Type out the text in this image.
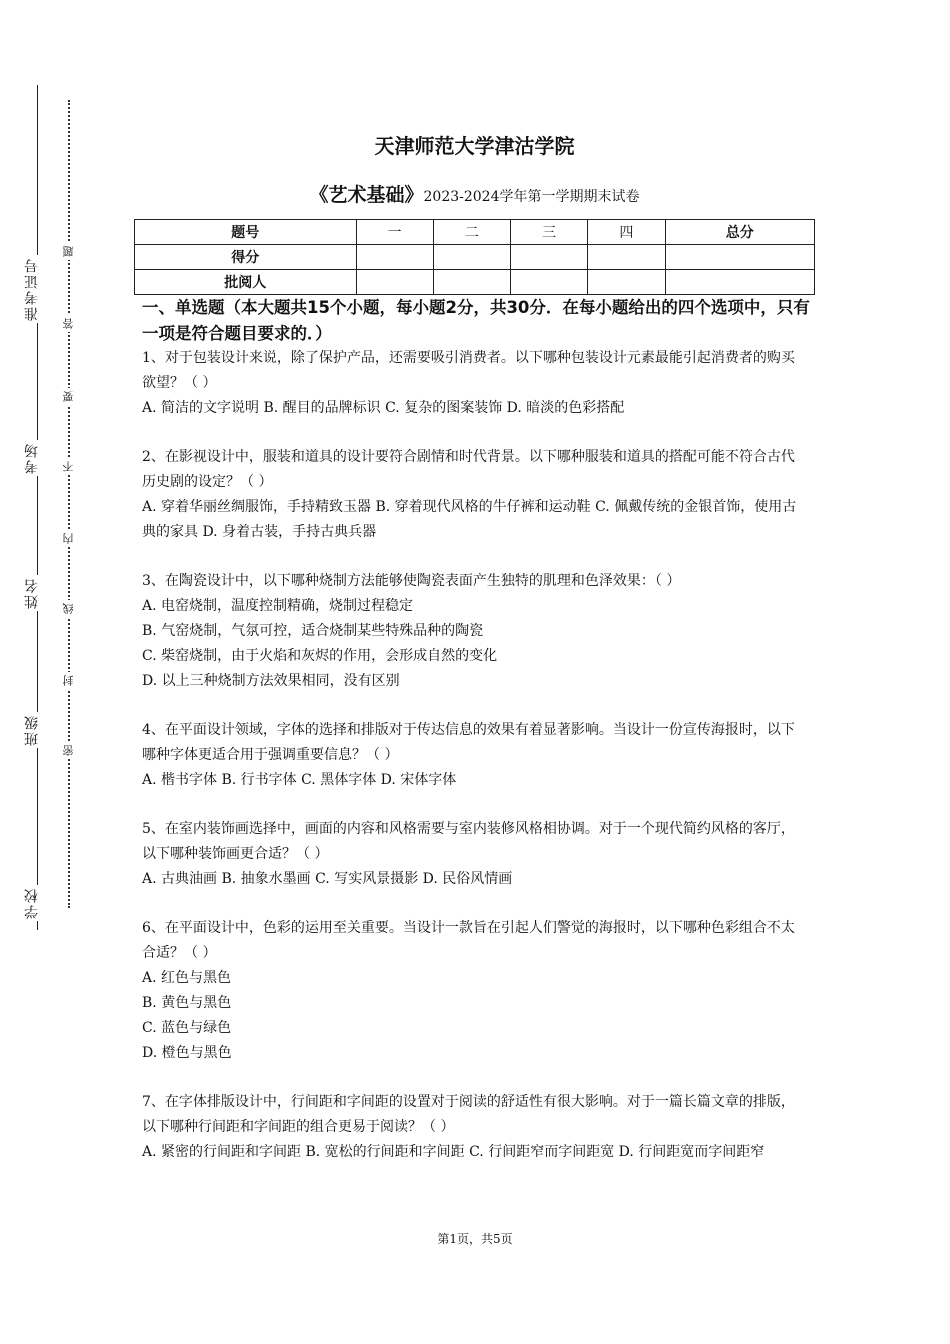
准考证号
考场
姓名
班级
学校
题
答
要
不
内
线
封
密
天津师范大学津沽学院
《艺术基础》2023-2024学年第一学期期末试卷
题号	一	二	三	四	总分
得分					
批阅人					
一、单选题（本大题共15个小题，每小题2分，共30分．在每小题给出的四个选项中，只有一项是符合题目要求的．）
1、对于包装设计来说，除了保护产品，还需要吸引消费者。以下哪种包装设计元素最能引起消费者的购买欲望？（ ）
A. 简洁的文字说明 B. 醒目的品牌标识 C. 复杂的图案装饰 D. 暗淡的色彩搭配
2、在影视设计中，服装和道具的设计要符合剧情和时代背景。以下哪种服装和道具的搭配可能不符合古代历史剧的设定？（ ）
A. 穿着华丽丝绸服饰，手持精致玉器 B. 穿着现代风格的牛仔裤和运动鞋 C. 佩戴传统的金银首饰，使用古典的家具 D. 身着古装，手持古典兵器
3、在陶瓷设计中，以下哪种烧制方法能够使陶瓷表面产生独特的肌理和色泽效果：（ ）
A. 电窑烧制，温度控制精确，烧制过程稳定
B. 气窑烧制，气氛可控，适合烧制某些特殊品种的陶瓷
C. 柴窑烧制，由于火焰和灰烬的作用，会形成自然的变化
D. 以上三种烧制方法效果相同，没有区别
4、在平面设计领域，字体的选择和排版对于传达信息的效果有着显著影响。当设计一份宣传海报时，以下哪种字体更适合用于强调重要信息？（ ）
A. 楷书字体 B. 行书字体 C. 黑体字体 D. 宋体字体
5、在室内装饰画选择中，画面的内容和风格需要与室内装修风格相协调。对于一个现代简约风格的客厅，以下哪种装饰画更合适？（ ）
A. 古典油画 B. 抽象水墨画 C. 写实风景摄影 D. 民俗风情画
6、在平面设计中，色彩的运用至关重要。当设计一款旨在引起人们警觉的海报时，以下哪种色彩组合不太合适？（ ）
A. 红色与黑色
B. 黄色与黑色
C. 蓝色与绿色
D. 橙色与黑色
7、在字体排版设计中，行间距和字间距的设置对于阅读的舒适性有很大影响。对于一篇长篇文章的排版，以下哪种行间距和字间距的组合更易于阅读？（ ）
A. 紧密的行间距和字间距 B. 宽松的行间距和字间距 C. 行间距窄而字间距宽 D. 行间距宽而字间距窄
第1页，共5页
